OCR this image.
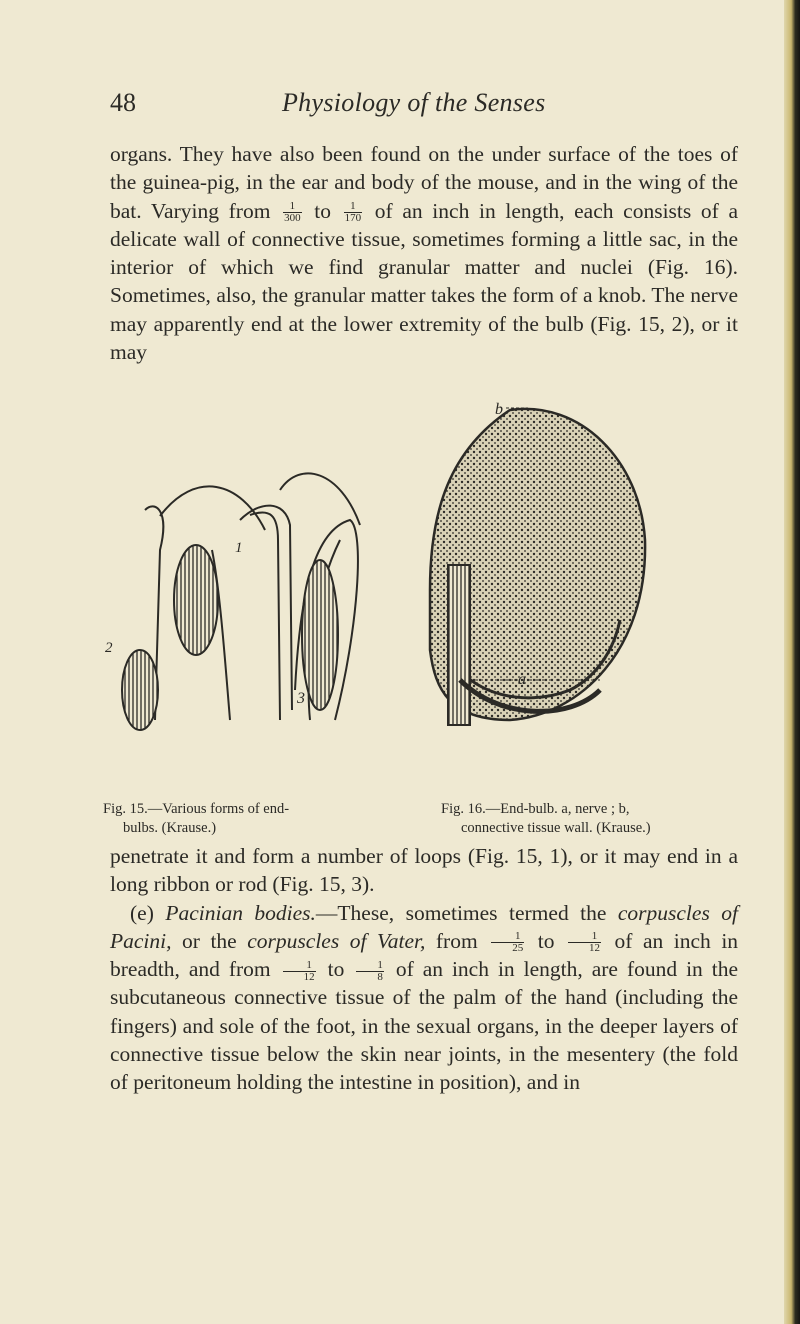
48	Physiology of the Senses

organs. They have also been found on the under surface of the toes of the guinea-pig, in the ear and body of the mouse, and in the wing of the bat. Varying from $\frac{1}{300}$ to $\frac{1}{170}$ of an inch in length, each consists of a delicate wall of connective tissue, sometimes forming a little sac, in the interior of which we find granular matter and nuclei (Fig. 16). Sometimes, also, the granular matter takes the form of a knob. The nerve may apparently end at the lower extremity of the bulb (Fig. 15, 2), or it may

1
2
3
b
a
Fig. 15.—Various forms of end-
bulbs. (Krause.)
Fig. 16.—End-bulb. a, nerve ; b,
connective tissue wall. (Krause.)

penetrate it and form a number of loops (Fig. 15, 1), or it may end in a long ribbon or rod (Fig. 15, 3).

(e) Pacinian bodies.—These, sometimes termed the corpuscles of Pacini, or the corpuscles of Vater, from $\frac{1}{25}$ to $\frac{1}{12}$ of an inch in breadth, and from $\frac{1}{12}$ to $\frac{1}{8}$ of an inch in length, are found in the subcutaneous connective tissue of the palm of the hand (including the fingers) and sole of the foot, in the sexual organs, in the deeper layers of connective tissue below the skin near joints, in the mesentery (the fold of peritoneum holding the intestine in position), and in
